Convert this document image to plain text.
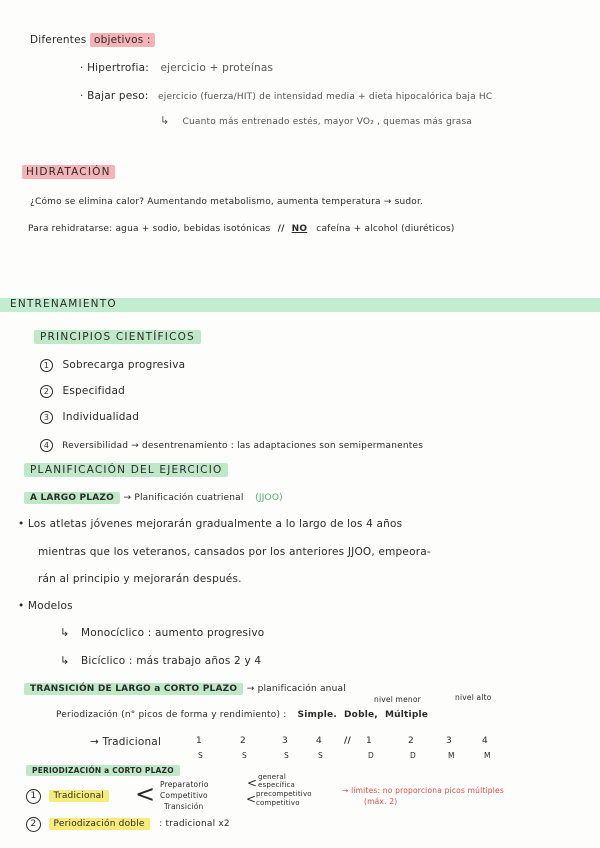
Diferentes objetivos :
· Hipertrofia: ejercicio + proteínas
· Bajar peso: ejercicio (fuerza/HIT) de intensidad media + dieta hipocalórica baja HC
↳ Cuanto más entrenado estés, mayor VO₂ , quemas más grasa
HIDRATACIÓN
¿Cómo se elimina calor? Aumentando metabolismo, aumenta temperatura → sudor.
Para rehidratarse: agua + sodio, bebidas isotónicas // NO cafeína + alcohol (diuréticos)
ENTRENAMIENTO
PRINCIPIOS CIENTÍFICOS
1 Sobrecarga progresiva
2 Especifidad
3 Individualidad
4 Reversibilidad → desentrenamiento : las adaptaciones son semipermanentes
PLANIFICACIÓN DEL EJERCICIO
A LARGO PLAZO → Planificación cuatrienal (JJOO)
• Los atletas jóvenes mejorarán gradualmente a lo largo de los 4 años
mientras que los veteranos, cansados por los anteriores JJOO, empeora-
rán al principio y mejorarán después.
• Modelos
↳ Monocíclico : aumento progresivo
↳ Bicíclico : más trabajo años 2 y 4
TRANSICIÓN DE LARGO a CORTO PLAZO → planificación anual
nivel menor	nivel alto
Periodización (n° picos de forma y rendimiento) : Simple. Doble, Múltiple
→ Tradicional	1	2	3	4 // 1	2	3	4
S	S	S	S	D	D	M	M
PERIODIZACIÓN a CORTO PLAZO
1 Tradicional < Preparatorio
Competitivo
Transición
< general
específica
< precompetitivo
competitivo
→ límites: no proporciona picos múltiples
(máx. 2)
2 Periodización doble : tradicional x2
